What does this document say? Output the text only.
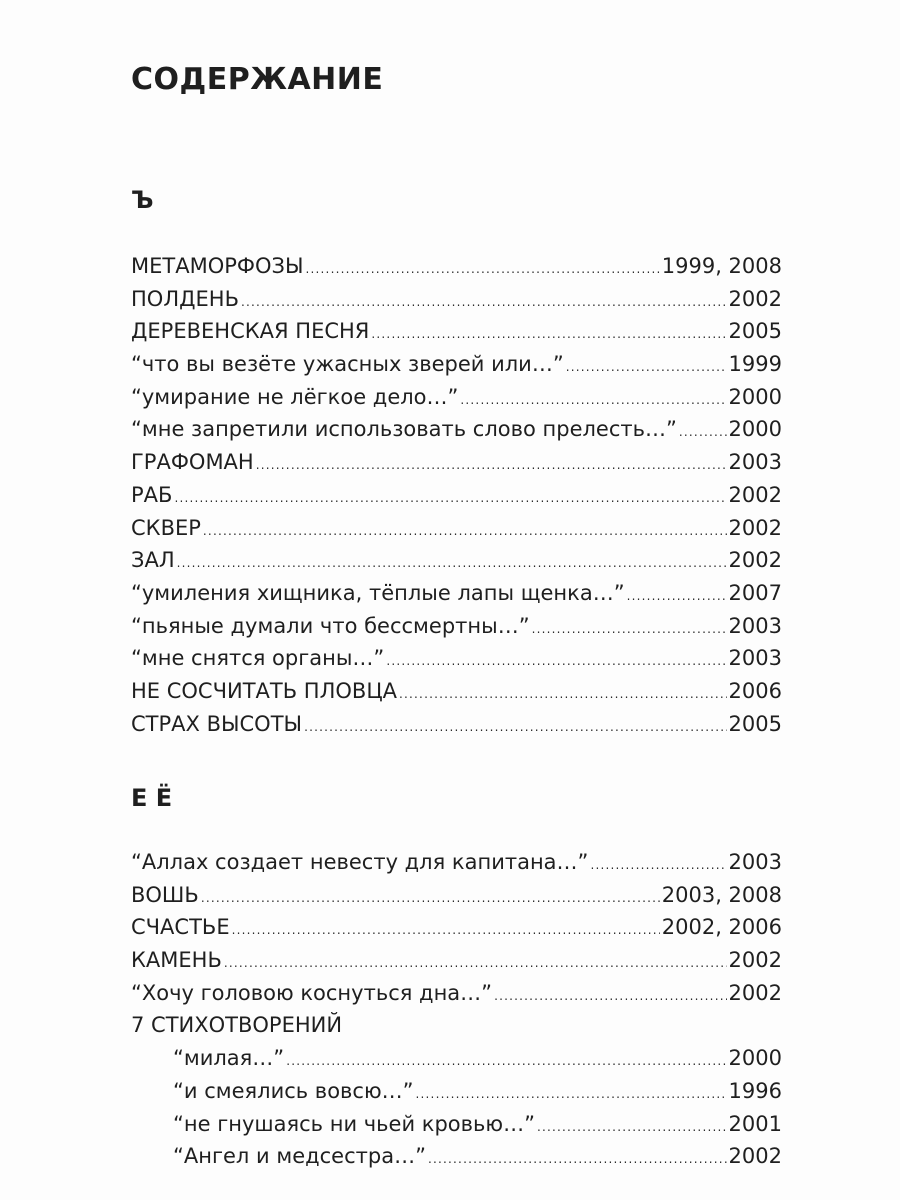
СОДЕРЖАНИЕ
Ъ
МЕТАМОРФОЗЫ .....	1999, 2008
ПОЛДЕНЬ .....	2002
ДЕРЕВЕНСКАЯ ПЕСНЯ .....	2005
“что вы везёте ужасных зверей или…” .....	1999
“умирание не лёгкое дело…” .....	2000
“мне запретили использовать слово прелесть…” ..... 2000
ГРАФОМАН .....	2003
РАБ .....	2002
СКВЕР .....	2002
ЗАЛ .....	2002
“умиления хищника, тёплые лапы щенка…” .....	2007
“пьяные думали что бессмертны…” .....	2003
“мне снятся органы…” .....	2003
НЕ СОСЧИТАТЬ ПЛОВЦА .....	2006
СТРАХ ВЫСОТЫ .....	2005
Е Ё
“Аллах создает невесту для капитана…” .....	2003
ВОШЬ .....	2003, 2008
СЧАСТЬЕ .....	2002, 2006
КАМЕНЬ .....	2002
“Хочу головою коснуться дна…” .....	2002
7 СТИХОТВОРЕНИЙ
“милая…” .....	2000
“и смеялись вовсю…” .....	1996
“не гнушаясь ни чьей кровью…” .....	2001
“Ангел и медсестра…” .....	2002
